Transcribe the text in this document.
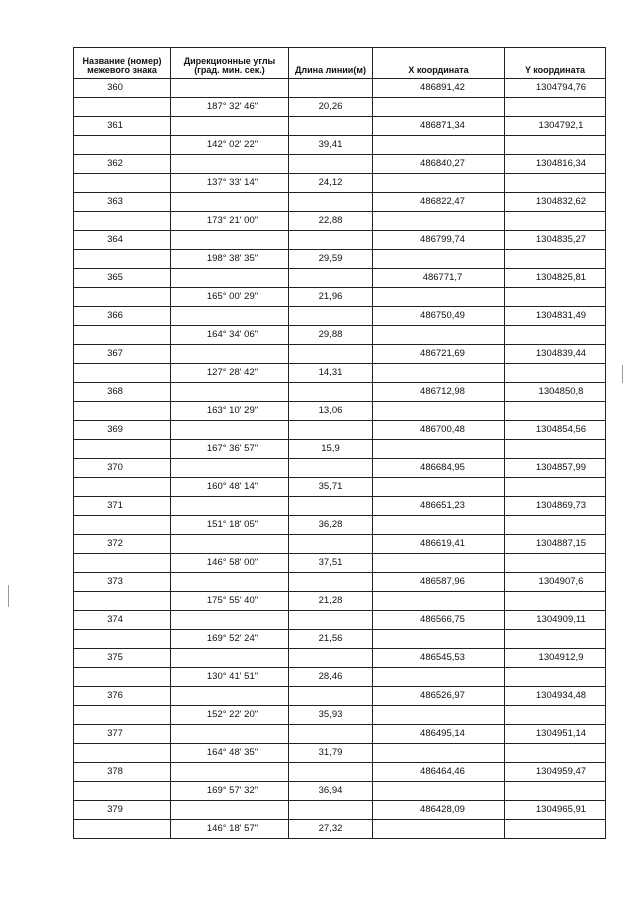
Название (номер)
межевого знака	Дирекционные углы
(град. мин. сек.)	Длина линии(м)	X координата	Y координата
360			486891,42	1304794,76
	187° 32' 46"	20,26		
361			486871,34	1304792,1
	142° 02' 22"	39,41		
362			486840,27	1304816,34
	137° 33' 14"	24,12		
363			486822,47	1304832,62
	173° 21' 00"	22,88		
364			486799,74	1304835,27
	198° 38' 35"	29,59		
365			486771,7	1304825,81
	165° 00' 29"	21,96		
366			486750,49	1304831,49
	164° 34' 06"	29,88		
367			486721,69	1304839,44
	127° 28' 42"	14,31		
368			486712,98	1304850,8
	163° 10' 29"	13,06		
369			486700,48	1304854,56
	167° 36' 57"	15,9		
370			486684,95	1304857,99
	160° 48' 14"	35,71		
371			486651,23	1304869,73
	151° 18' 05"	36,28		
372			486619,41	1304887,15
	146° 58' 00"	37,51		
373			486587,96	1304907,6
	175° 55' 40"	21,28		
374			486566,75	1304909,11
	169° 52' 24"	21,56		
375			486545,53	1304912,9
	130° 41' 51"	28,46		
376			486526,97	1304934,48
	152° 22' 20"	35,93		
377			486495,14	1304951,14
	164° 48' 35"	31,79		
378			486464,46	1304959,47
	169° 57' 32"	36,94		
379			486428,09	1304965,91
	146° 18' 57"	27,32		
